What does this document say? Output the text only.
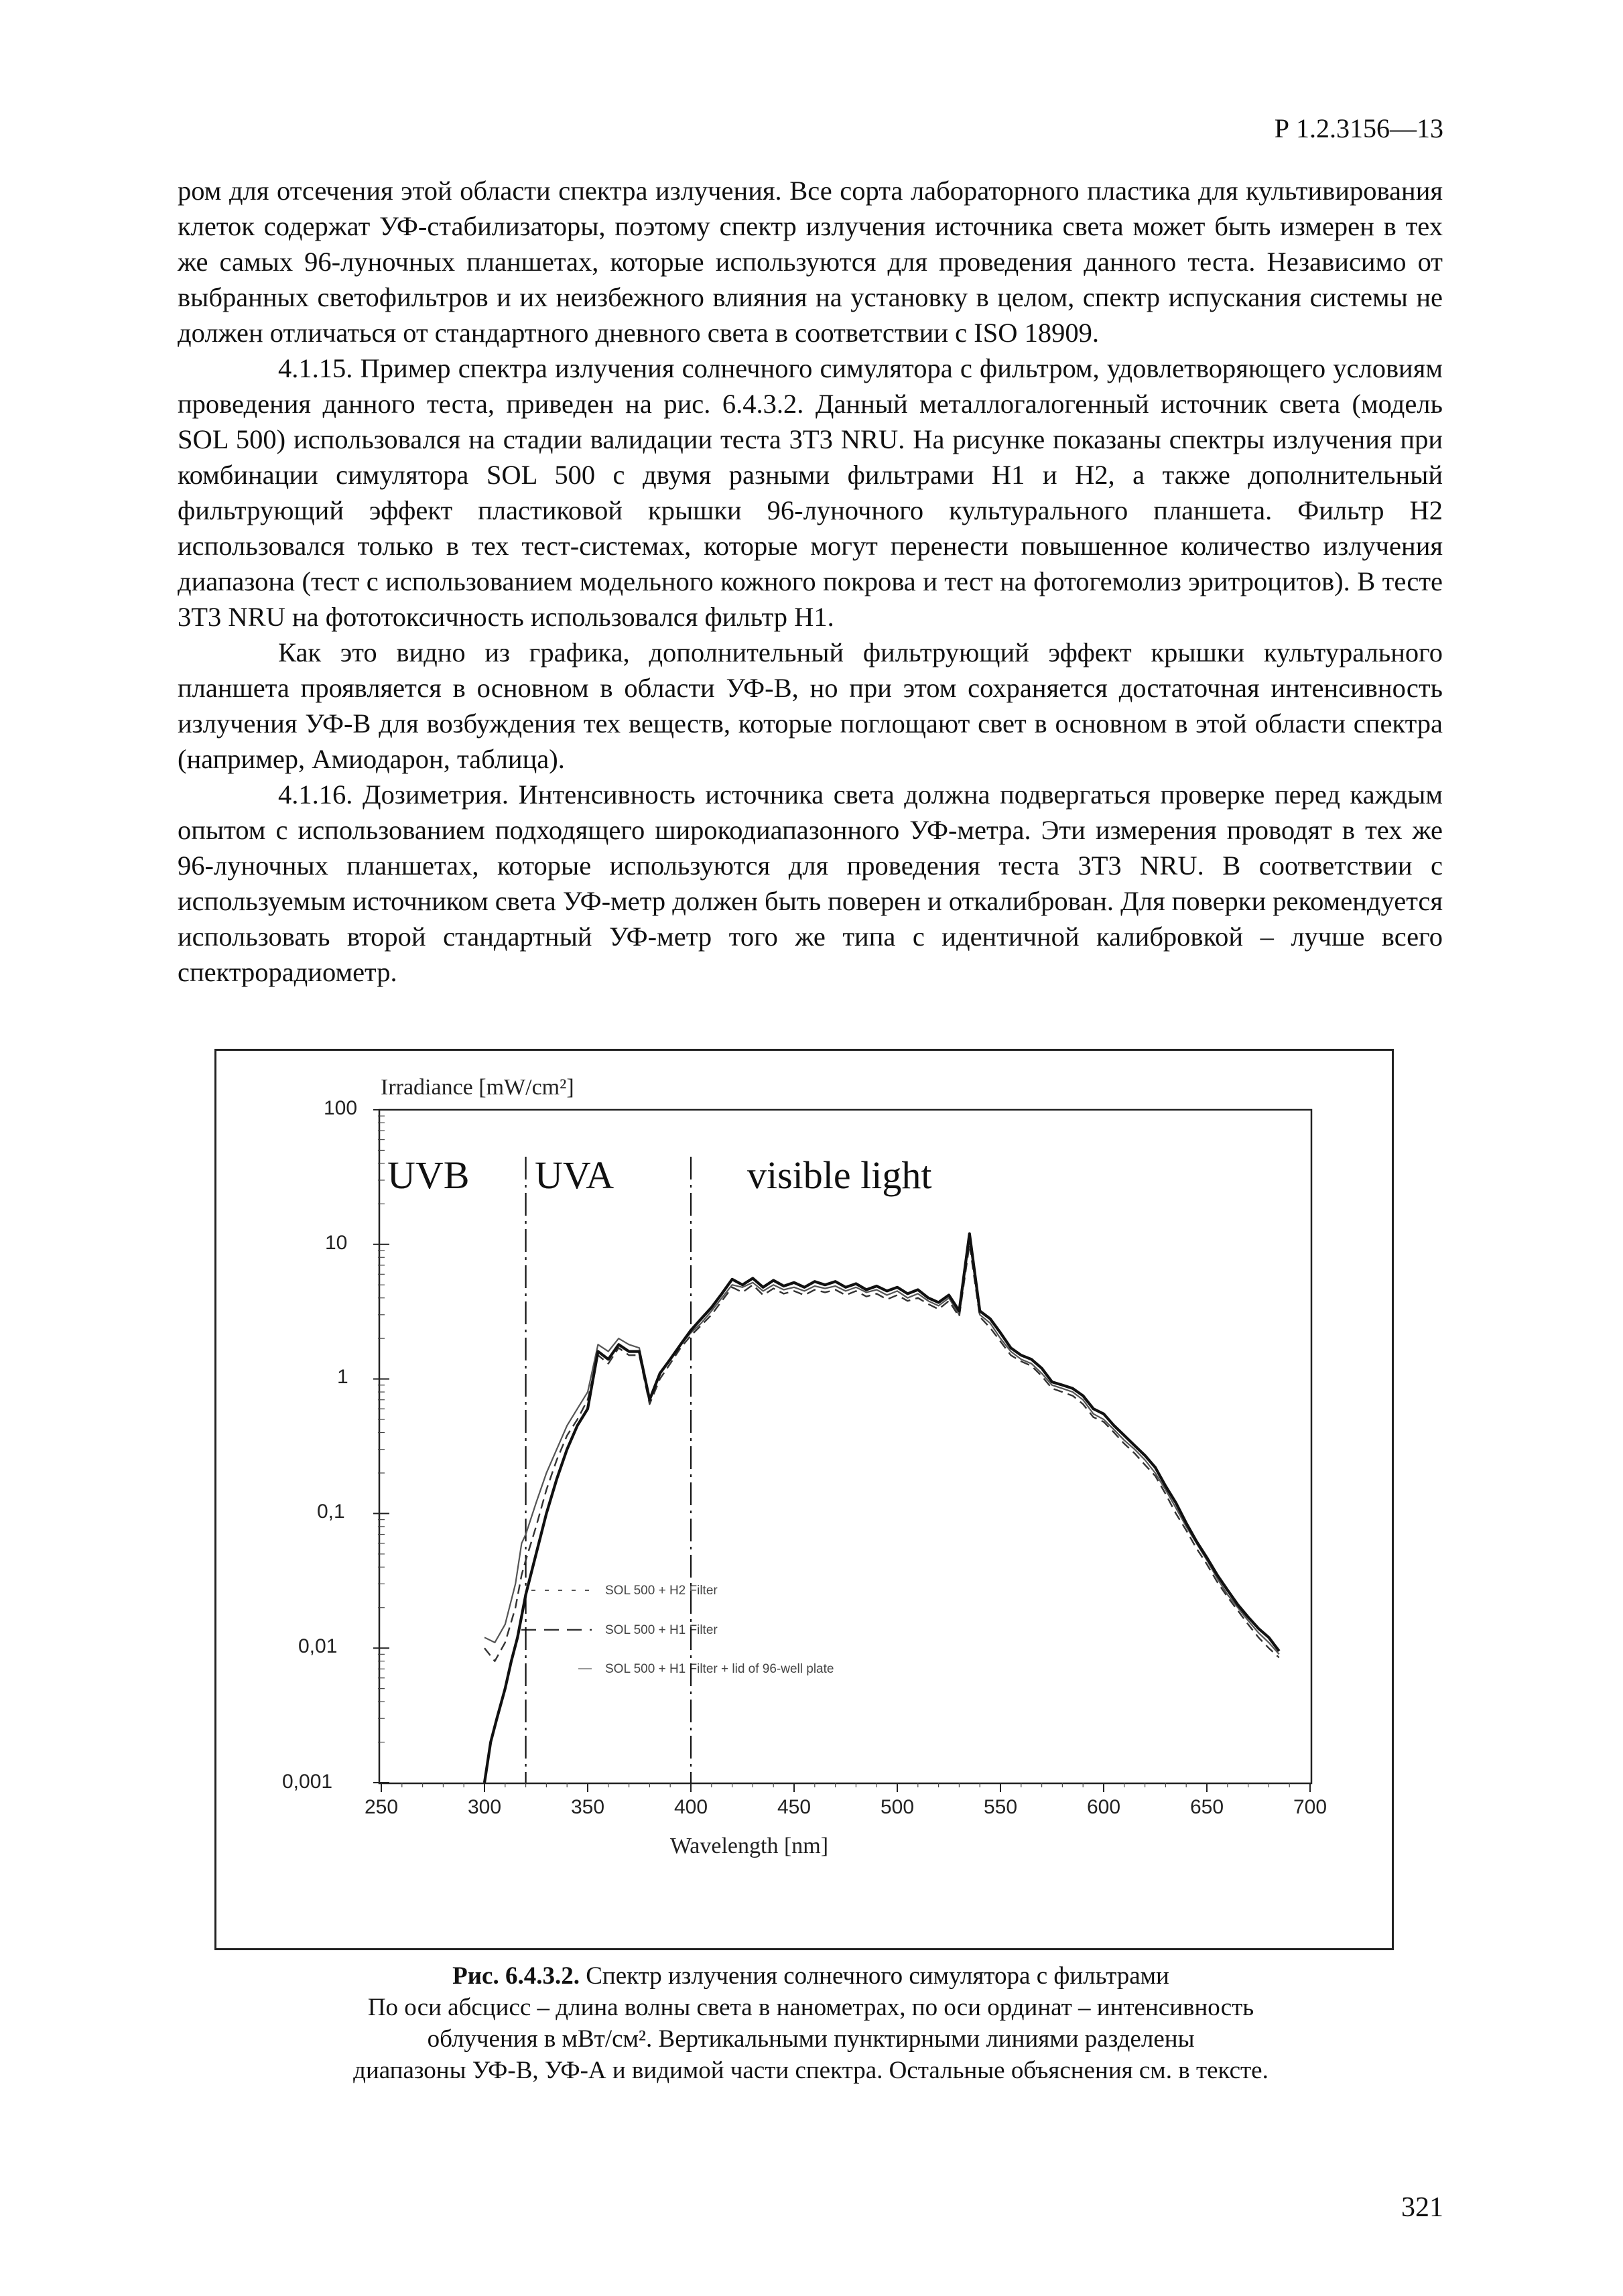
Р 1.2.3156—13

ром для отсечения этой области спектра излучения. Все сорта лабораторного пластика для культивирования клеток содержат УФ-стабилизаторы, поэтому спектр излучения источника света может быть измерен в тех же самых 96-луночных планшетах, которые используются для проведения данного теста. Независимо от выбранных светофильтров и их неизбежного влияния на установку в целом, спектр испускания системы не должен отличаться от стандартного дневного света в соответствии с ISO 18909.

4.1.15. Пример спектра излучения солнечного симулятора с фильтром, удовлетворяющего условиям проведения данного теста, приведен на рис. 6.4.3.2. Данный металлогалогенный источник света (модель SOL 500) использовался на стадии валидации теста 3Т3 NRU. На рисунке показаны спектры излучения при комбинации симулятора SOL 500 с двумя разными фильтрами H1 и H2, а также дополнительный фильтрующий эффект пластиковой крышки 96-луночного культурального планшета. Фильтр H2 использовался только в тех тест-системах, которые могут перенести повышенное количество излучения диапазона (тест с использованием модельного кожного покрова и тест на фотогемолиз эритроцитов). В тесте 3Т3 NRU на фототоксичность использовался фильтр H1.

Как это видно из графика, дополнительный фильтрующий эффект крышки культурального планшета проявляется в основном в области УФ-В, но при этом сохраняется достаточная интенсивность излучения УФ-В для возбуждения тех веществ, которые поглощают свет в основном в этой области спектра (например, Амиодарон, таблица).

4.1.16. Дозиметрия. Интенсивность источника света должна подвергаться проверке перед каждым опытом с использованием подходящего широкодиапазонного УФ-метра. Эти измерения проводят в тех же 96-луночных планшетах, которые используются для проведения теста 3Т3 NRU. В соответствии с используемым источником света УФ-метр должен быть поверен и откалиброван. Для поверки рекомендуется использовать второй стандартный УФ-метр того же типа с идентичной калибровкой – лучше всего спектрорадиометр.

Irradiance [mW/cm²]
Wavelength [nm]
100
10
1
0,1
0,01
0,001
250	300	350	400	450	500	550	600	650	700
UVB UVA	visible light
SOL 500 + H2 Filter
SOL 500 + H1 Filter
SOL 500 + H1 Filter + lid of 96-well plate
Рис. 6.4.3.2. Спектр излучения солнечного симулятора с фильтрами
По оси абсцисс – длина волны света в нанометрах, по оси ординат – интенсивность
облучения в мВт/см². Вертикальными пунктирными линиями разделены
диапазоны УФ-В, УФ-А и видимой части спектра. Остальные объяснения см. в тексте.
321
